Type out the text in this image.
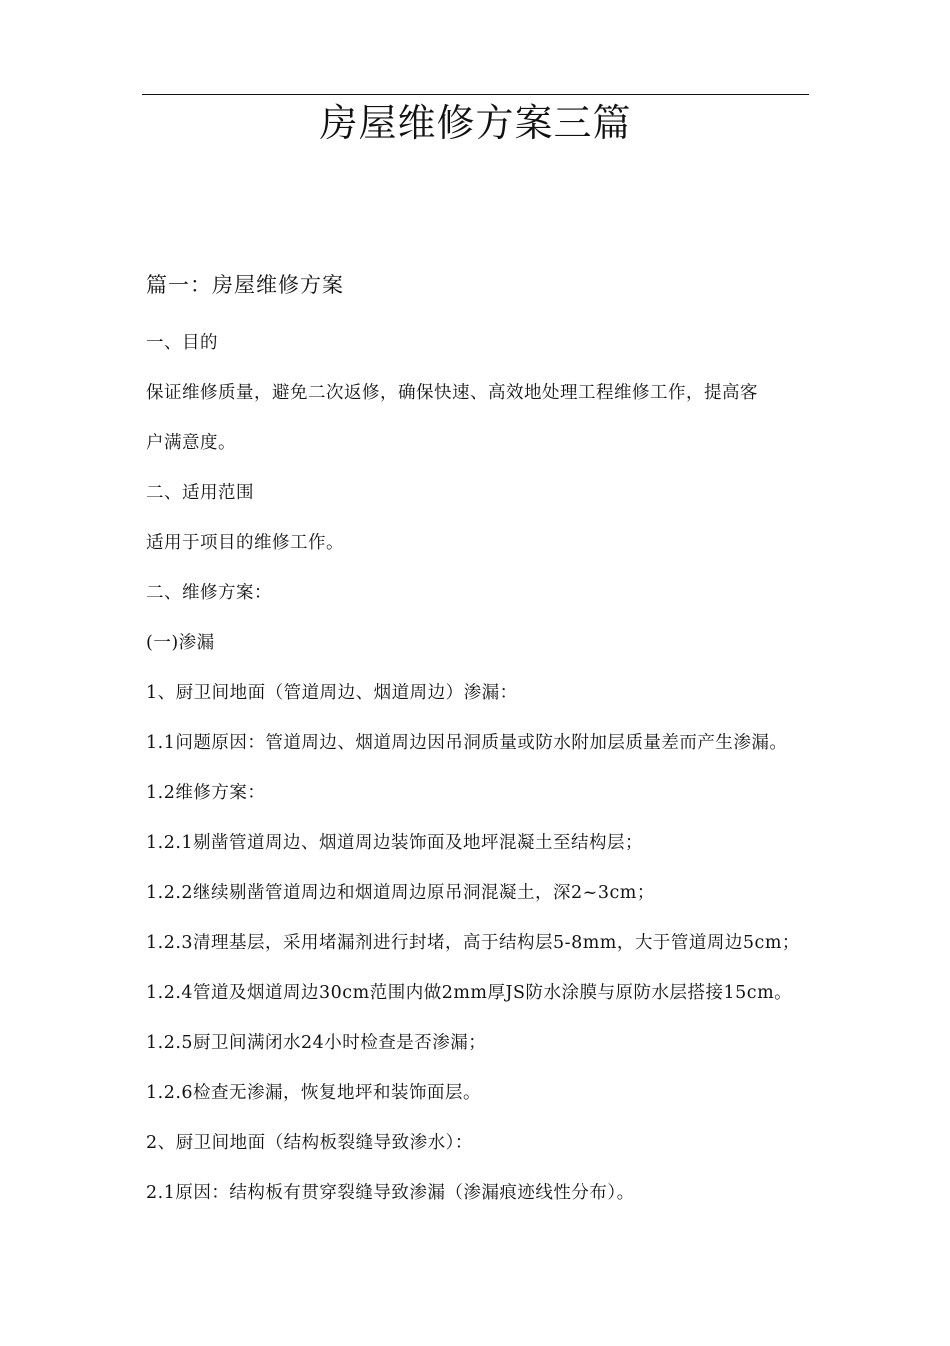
房屋维修方案三篇
篇一：房屋维修方案
一、目的
保证维修质量，避免二次返修，确保快速、高效地处理工程维修工作，提高客
户满意度。
二、适用范围
适用于项目的维修工作。
二、维修方案：
(一)渗漏
1、厨卫间地面（管道周边、烟道周边）渗漏：
1.1问题原因：管道周边、烟道周边因吊洞质量或防水附加层质量差而产生渗漏。
1.2维修方案：
1.2.1剔凿管道周边、烟道周边装饰面及地坪混凝土至结构层；
1.2.2继续剔凿管道周边和烟道周边原吊洞混凝土，深2~3cm；
1.2.3清理基层，采用堵漏剂进行封堵，高于结构层5-8mm，大于管道周边5cm；
1.2.4管道及烟道周边30cm范围内做2mm厚JS防水涂膜与原防水层搭接15cm。
1.2.5厨卫间满闭水24小时检查是否渗漏；
1.2.6检查无渗漏，恢复地坪和装饰面层。
2、厨卫间地面（结构板裂缝导致渗水）：
2.1原因：结构板有贯穿裂缝导致渗漏（渗漏痕迹线性分布）。
